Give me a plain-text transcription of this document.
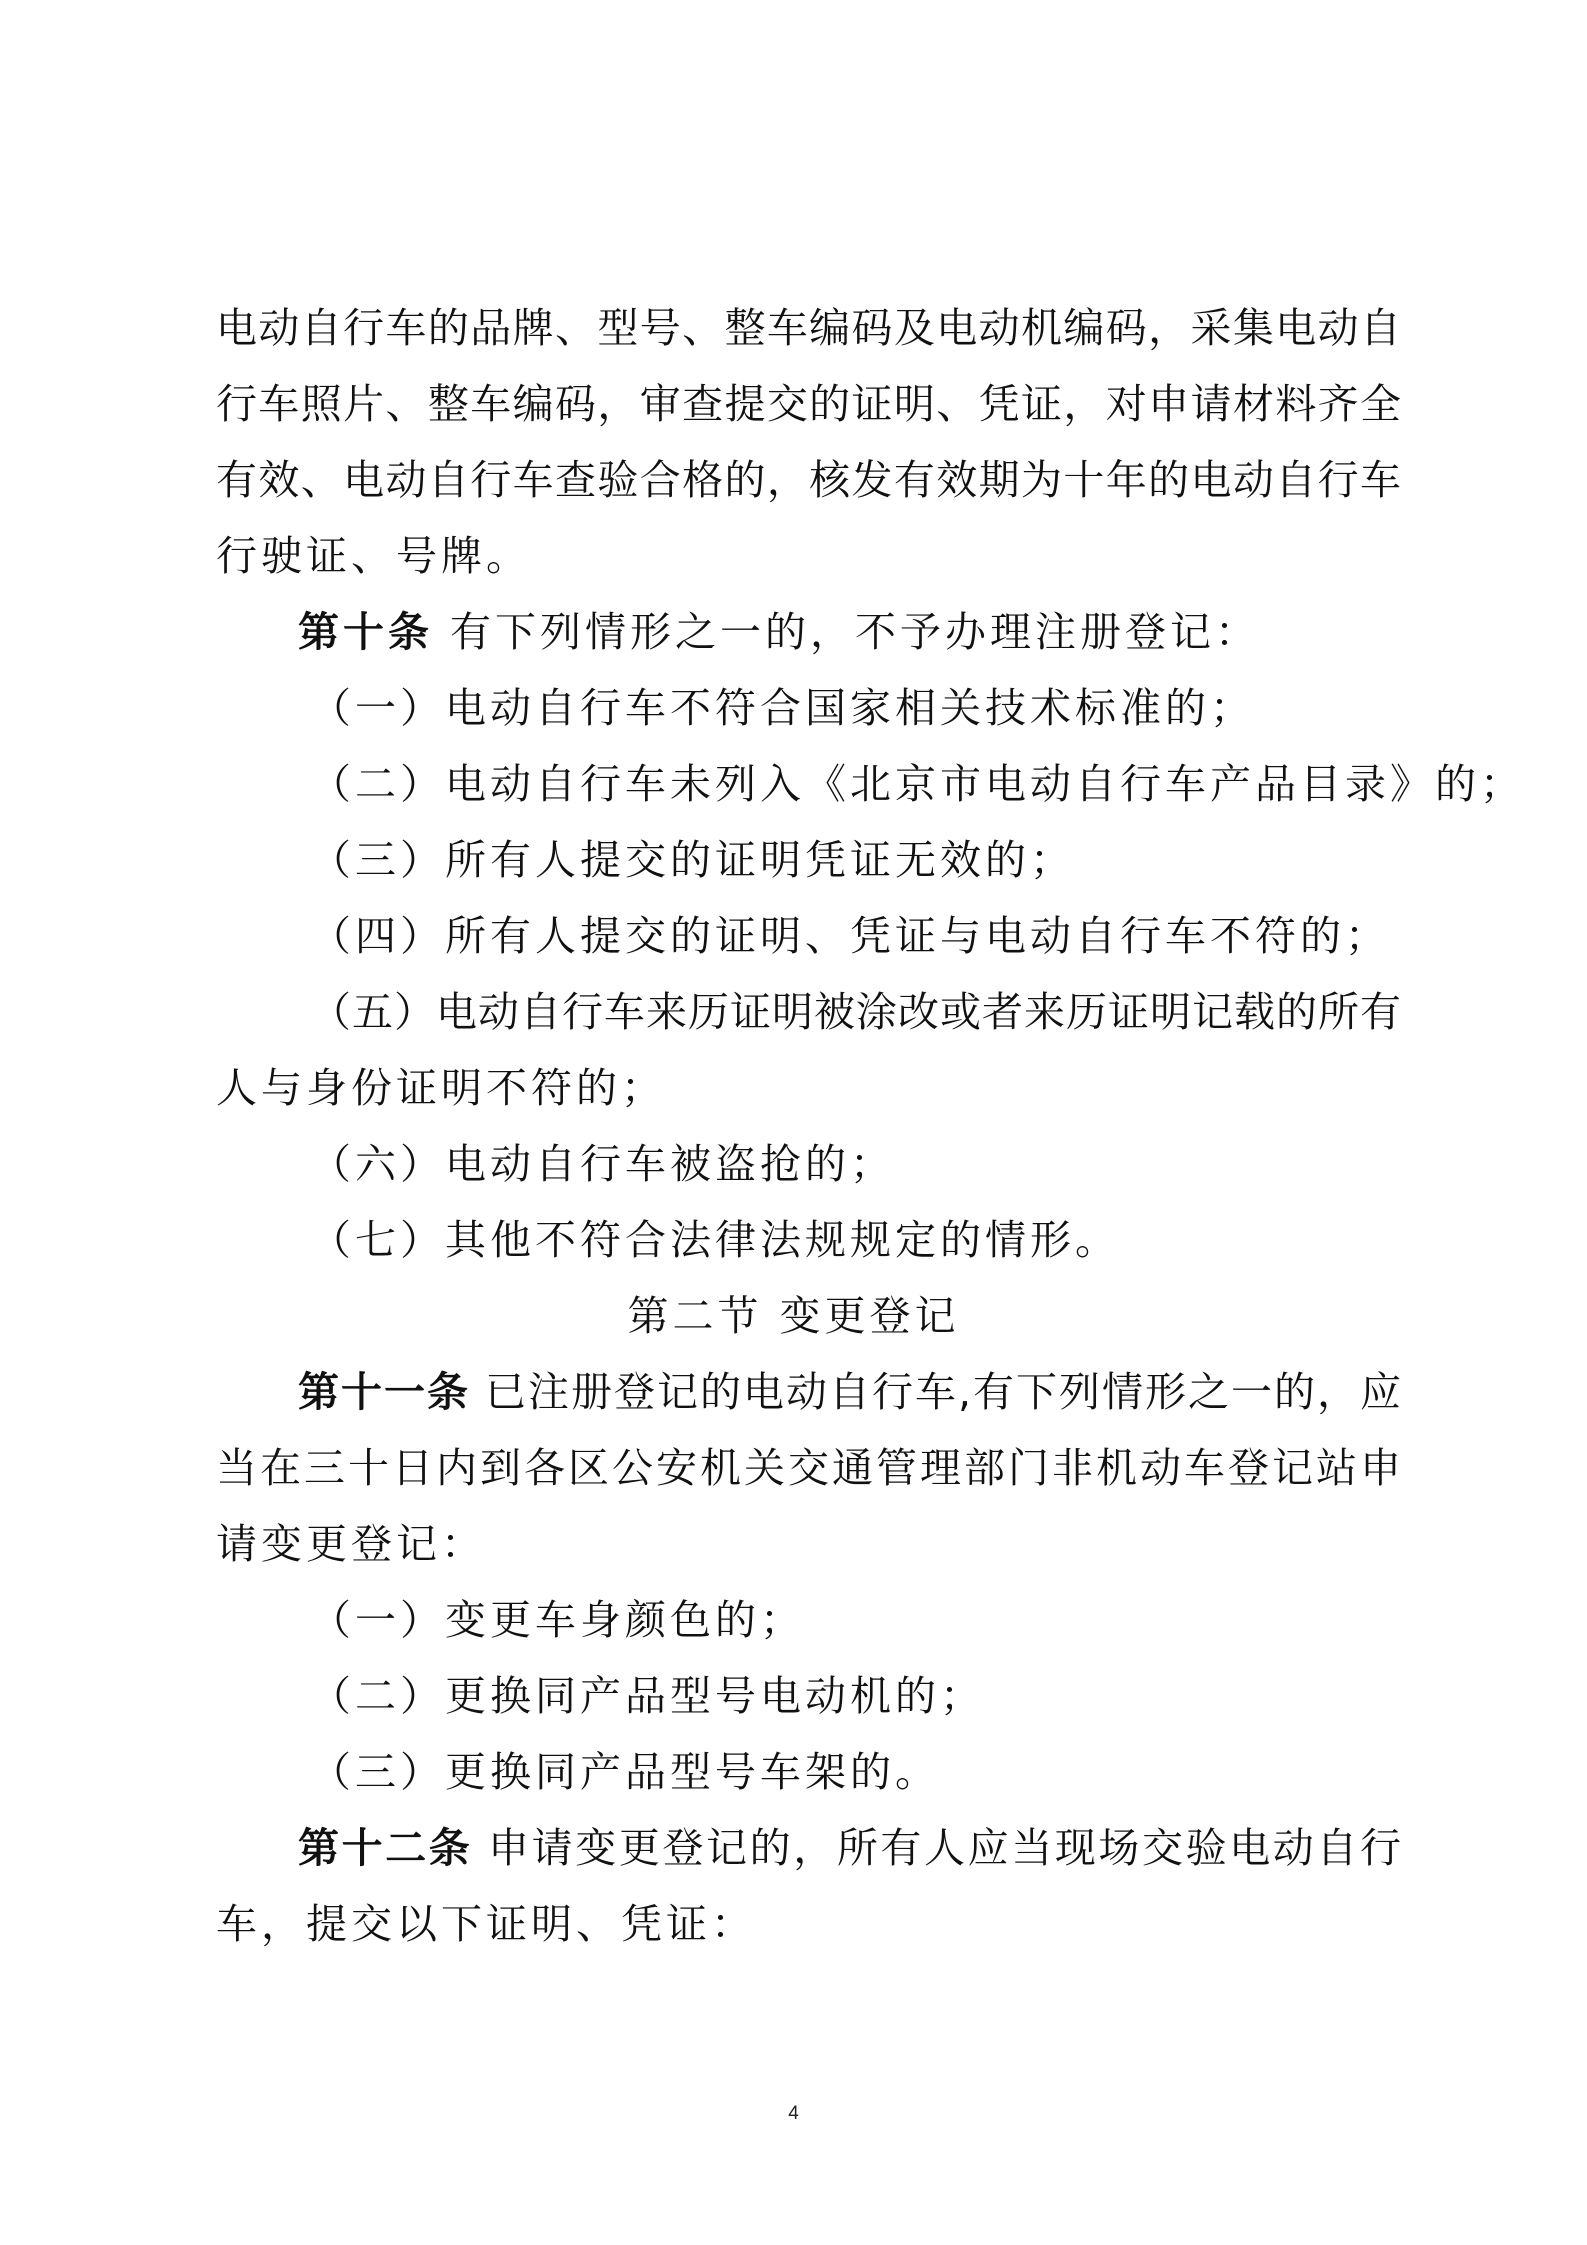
电动自行车的品牌、型号、整车编码及电动机编码，采集电动自
行车照片、整车编码，审查提交的证明、凭证，对申请材料齐全
有效、电动自行车查验合格的，核发有效期为十年的电动自行车
行驶证、号牌。
第十条 有下列情形之一的，不予办理注册登记：
（一）电动自行车不符合国家相关技术标准的；
（二）电动自行车未列入《北京市电动自行车产品目录》的；
（三）所有人提交的证明凭证无效的；
（四）所有人提交的证明、凭证与电动自行车不符的；
（五）电动自行车来历证明被涂改或者来历证明记载的所有
人与身份证明不符的；
（六）电动自行车被盗抢的；
（七）其他不符合法律法规规定的情形。
第二节 变更登记
第十一条 已注册登记的电动自行车,有下列情形之一的，应
当在三十日内到各区公安机关交通管理部门非机动车登记站申
请变更登记：
（一）变更车身颜色的；
（二）更换同产品型号电动机的；
（三）更换同产品型号车架的。
第十二条 申请变更登记的，所有人应当现场交验电动自行
车，提交以下证明、凭证：
4
